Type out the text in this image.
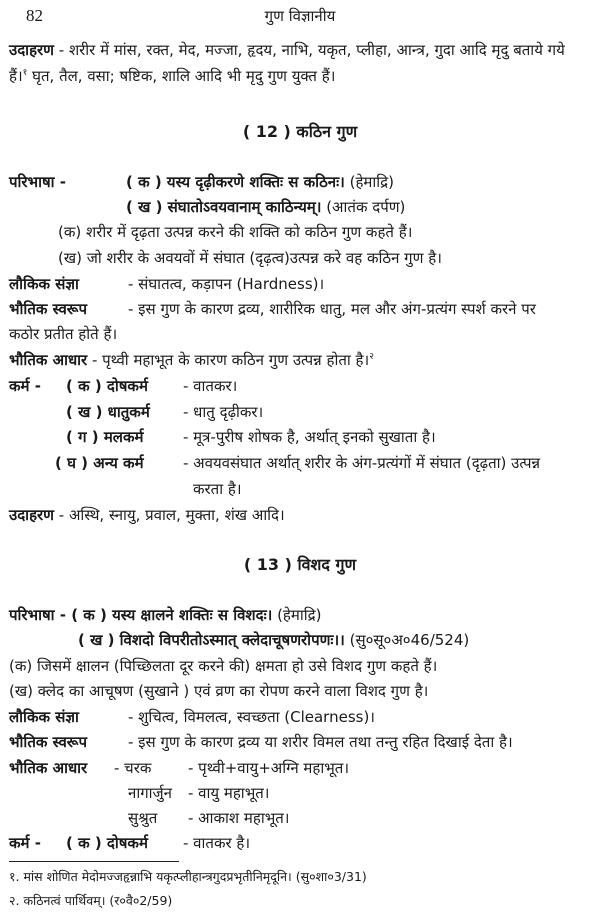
82	गुण विज्ञानीय
उदाहरण - शरीर में मांस, रक्त, मेद, मज्जा, हृदय, नाभि, यकृत, प्लीहा, आन्त्र, गुदा आदि मृदु बताये गये
हैं।$^१$ घृत, तैल, वसा; षष्टिक, शालि आदि भी मृदु गुण युक्त हैं।
( 12 ) कठिन गुण
परिभाषा -	( क ) यस्य दृढ़ीकरणे शक्तिः स कठिनः। (हेमाद्रि)
( ख ) संघातोऽवयवानाम् काठिन्यम्। (आतंक दर्पण)
(क) शरीर में दृढ़ता उत्पन्न करने की शक्ति को कठिन गुण कहते हैं।
(ख) जो शरीर के अवयवों में संघात (दृढ़त्व)उत्पन्न करे वह कठिन गुण है।
लौकिक संज्ञा	- संघातत्व, कड़ापन (Hardness)।
भौतिक स्वरूप	- इस गुण के कारण द्रव्य, शारीरिक धातु, मल और अंग-प्रत्यंग स्पर्श करने पर
कठोर प्रतीत होते हैं।
भौतिक आधार - पृथ्वी महाभूत के कारण कठिन गुण उत्पन्न होता है।$^२$
कर्म - ( क ) दोषकर्म - वातकर।
( ख ) धातुकर्म - धातु दृढ़ीकर।
( ग ) मलकर्म	- मूत्र-पुरीष शोषक है, अर्थात् इनको सुखाता है।
( घ ) अन्य कर्म	- अवयवसंघात अर्थात् शरीर के अंग-प्रत्यंगों में संघात (दृढ़ता) उत्पन्न
करता है।
उदाहरण - अस्थि, स्नायु, प्रवाल, मुक्ता, शंख आदि।
( 13 ) विशद गुण
परिभाषा - ( क ) यस्य क्षालने शक्तिः स विशदः। (हेमाद्रि)
( ख ) विशदो विपरीतोऽस्मात् क्लेदाचूषणरोपणः।। (सु०सू०अ०46/524)
(क) जिसमें क्षालन (पिच्छिलता दूर करने की) क्षमता हो उसे विशद गुण कहते हैं।
(ख) क्लेद का आचूषण (सुखाने ) एवं व्रण का रोपण करने वाला विशद गुण है।
लौकिक संज्ञा	- शुचित्व, विमलत्व, स्वच्छता (Clearness)।
भौतिक स्वरूप	- इस गुण के कारण द्रव्य या शरीर विमल तथा तन्तु रहित दिखाई देता है।
भौतिक आधार - चरक - पृथ्वी+वायु+अग्नि महाभूत।
नागार्जुन - वायु महाभूत।
सुश्रुत - आकाश महाभूत।
कर्म - ( क ) दोषकर्म - वातकर है।
१. मांस शोणित मेदोमज्जहृन्नाभि यकृत्प्लीहान्त्रगुदप्रभृतीनिमृदूनि। (सु०शा०3/31)
२. कठिनत्वं पार्थिवम्। (र०वै०2/59)
